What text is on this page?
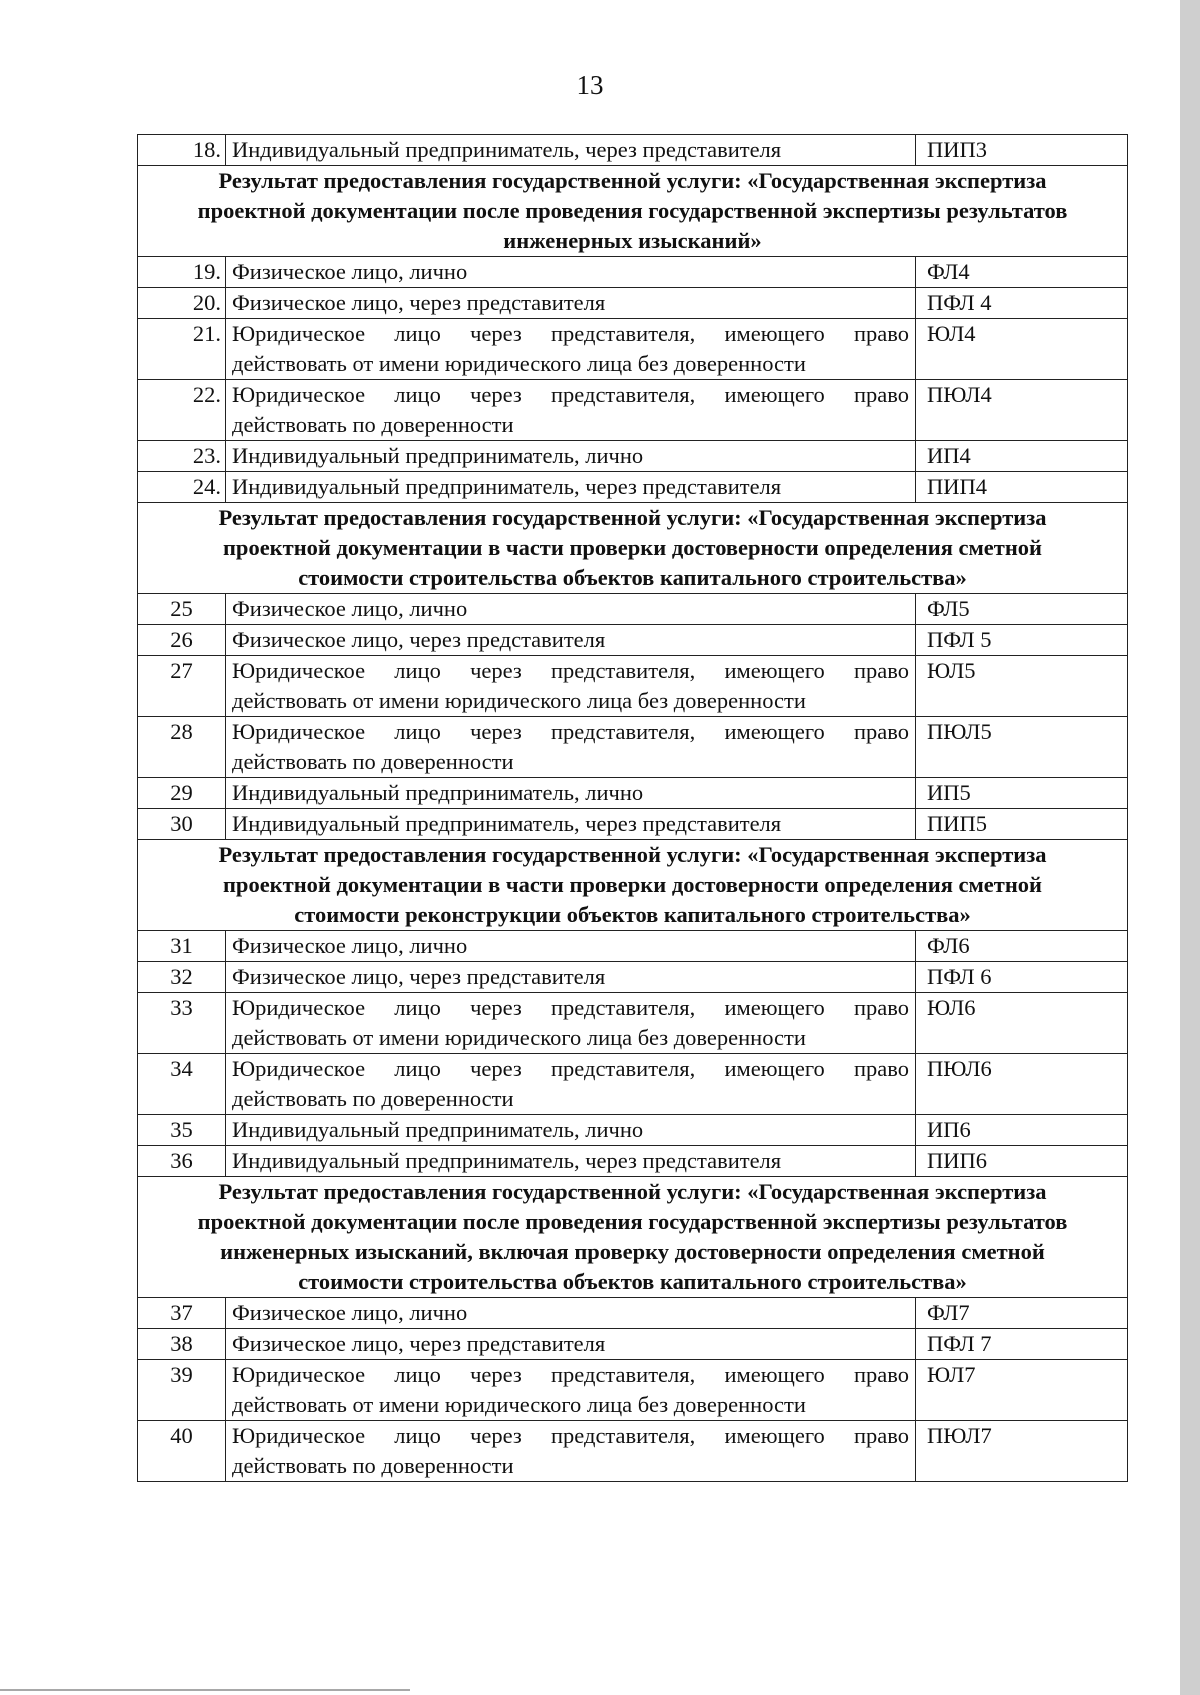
13
18.	Индивидуальный предприниматель, через представителя	ПИП3
Результат предоставления государственной услуги: «Государственная экспертиза проектной документации после проведения государственной экспертизы результатов инженерных изысканий»		
19.	Физическое лицо, лично	ФЛ4
20.	Физическое лицо, через представителя	ПФЛ 4
21.	Юридическое лицо через представителя, имеющего право действовать от имени юридического лица без доверенности	ЮЛ4
22.	Юридическое лицо через представителя, имеющего право действовать по доверенности	ПЮЛ4
23.	Индивидуальный предприниматель, лично	ИП4
24.	Индивидуальный предприниматель, через представителя	ПИП4
Результат предоставления государственной услуги: «Государственная экспертиза проектной документации в части проверки достоверности определения сметной стоимости строительства объектов капитального строительства»		
25	Физическое лицо, лично	ФЛ5
26	Физическое лицо, через представителя	ПФЛ 5
27	Юридическое лицо через представителя, имеющего право действовать от имени юридического лица без доверенности	ЮЛ5
28	Юридическое лицо через представителя, имеющего право действовать по доверенности	ПЮЛ5
29	Индивидуальный предприниматель, лично	ИП5
30	Индивидуальный предприниматель, через представителя	ПИП5
Результат предоставления государственной услуги: «Государственная экспертиза проектной документации в части проверки достоверности определения сметной стоимости реконструкции объектов капитального строительства»		
31	Физическое лицо, лично	ФЛ6
32	Физическое лицо, через представителя	ПФЛ 6
33	Юридическое лицо через представителя, имеющего право действовать от имени юридического лица без доверенности	ЮЛ6
34	Юридическое лицо через представителя, имеющего право действовать по доверенности	ПЮЛ6
35	Индивидуальный предприниматель, лично	ИП6
36	Индивидуальный предприниматель, через представителя	ПИП6
Результат предоставления государственной услуги: «Государственная экспертиза проектной документации после проведения государственной экспертизы результатов инженерных изысканий, включая проверку достоверности определения сметной стоимости строительства объектов капитального строительства»		
37	Физическое лицо, лично	ФЛ7
38	Физическое лицо, через представителя	ПФЛ 7
39	Юридическое лицо через представителя, имеющего право действовать от имени юридического лица без доверенности	ЮЛ7
40	Юридическое лицо через представителя, имеющего право действовать по доверенности	ПЮЛ7
